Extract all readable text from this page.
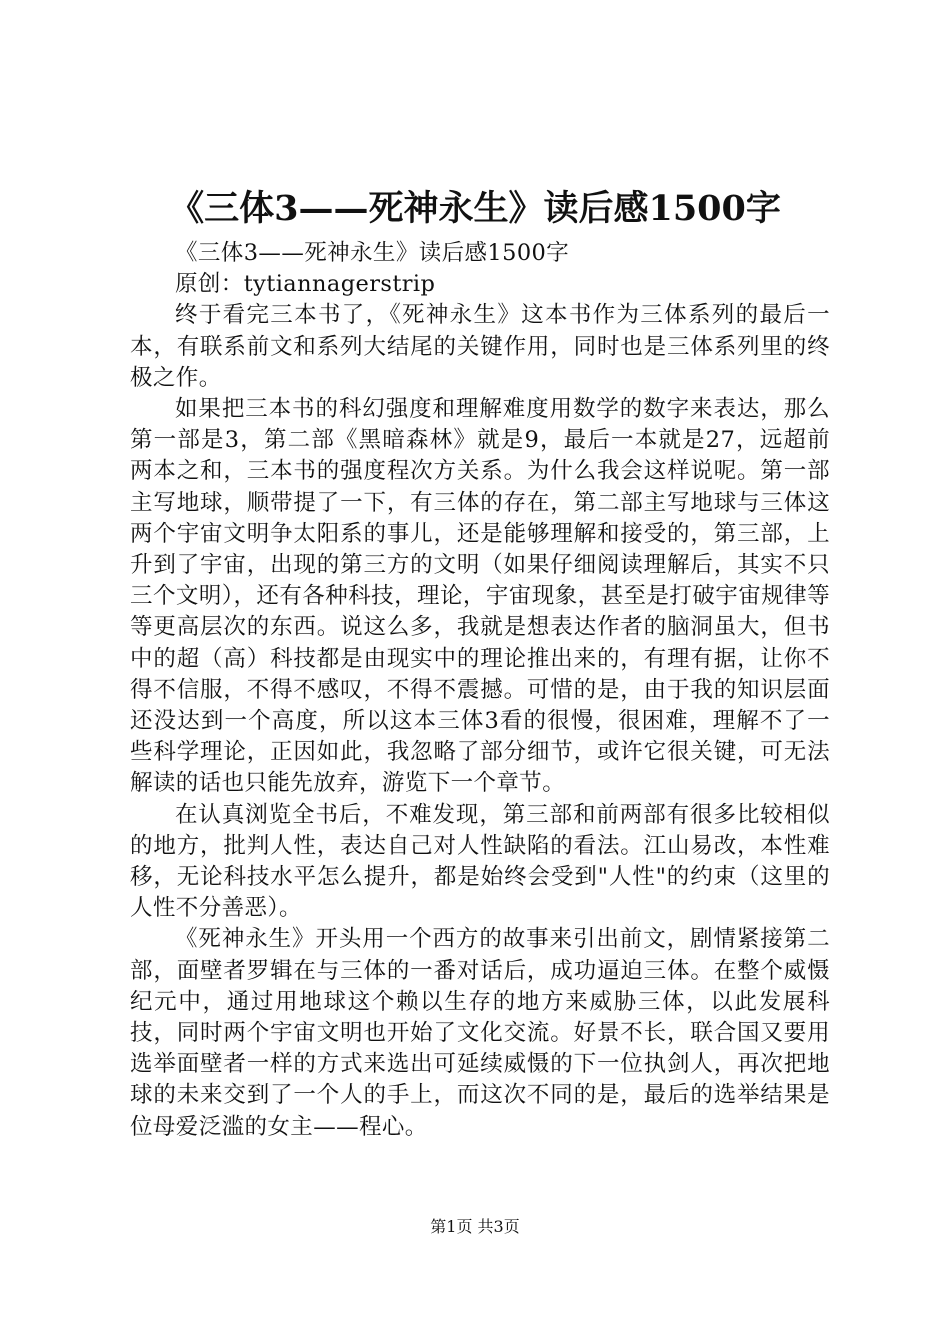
《三体3——死神永生》读后感1500字

《三体3——死神永生》读后感1500字

原创：tytiannagerstrip

终于看完三本书了，《死神永生》这本书作为三体系列的最后一本，有联系前文和系列大结尾的关键作用，同时也是三体系列里的终极之作。

如果把三本书的科幻强度和理解难度用数学的数字来表达，那么第一部是3，第二部《黑暗森林》就是9，最后一本就是27，远超前两本之和，三本书的强度程次方关系。为什么我会这样说呢。第一部主写地球，顺带提了一下，有三体的存在，第二部主写地球与三体这两个宇宙文明争太阳系的事儿，还是能够理解和接受的，第三部，上升到了宇宙，出现的第三方的文明（如果仔细阅读理解后，其实不只三个文明），还有各种科技，理论，宇宙现象，甚至是打破宇宙规律等等更高层次的东西。说这么多，我就是想表达作者的脑洞虽大，但书中的超（高）科技都是由现实中的理论推出来的，有理有据，让你不得不信服，不得不感叹，不得不震撼。可惜的是，由于我的知识层面还没达到一个高度，所以这本三体3看的很慢，很困难，理解不了一些科学理论，正因如此，我忽略了部分细节，或许它很关键，可无法解读的话也只能先放弃，游览下一个章节。

在认真浏览全书后，不难发现，第三部和前两部有很多比较相似的地方，批判人性，表达自己对人性缺陷的看法。江山易改，本性难移，无论科技水平怎么提升，都是始终会受到"人性"的约束（这里的人性不分善恶）。

《死神永生》开头用一个西方的故事来引出前文，剧情紧接第二部，面壁者罗辑在与三体的一番对话后，成功逼迫三体。在整个威慑纪元中，通过用地球这个赖以生存的地方来威胁三体，以此发展科技，同时两个宇宙文明也开始了文化交流。好景不长，联合国又要用选举面壁者一样的方式来选出可延续威慑的下一位执剑人，再次把地球的未来交到了一个人的手上，而这次不同的是，最后的选举结果是位母爱泛滥的女主——程心。

第1页 共3页
